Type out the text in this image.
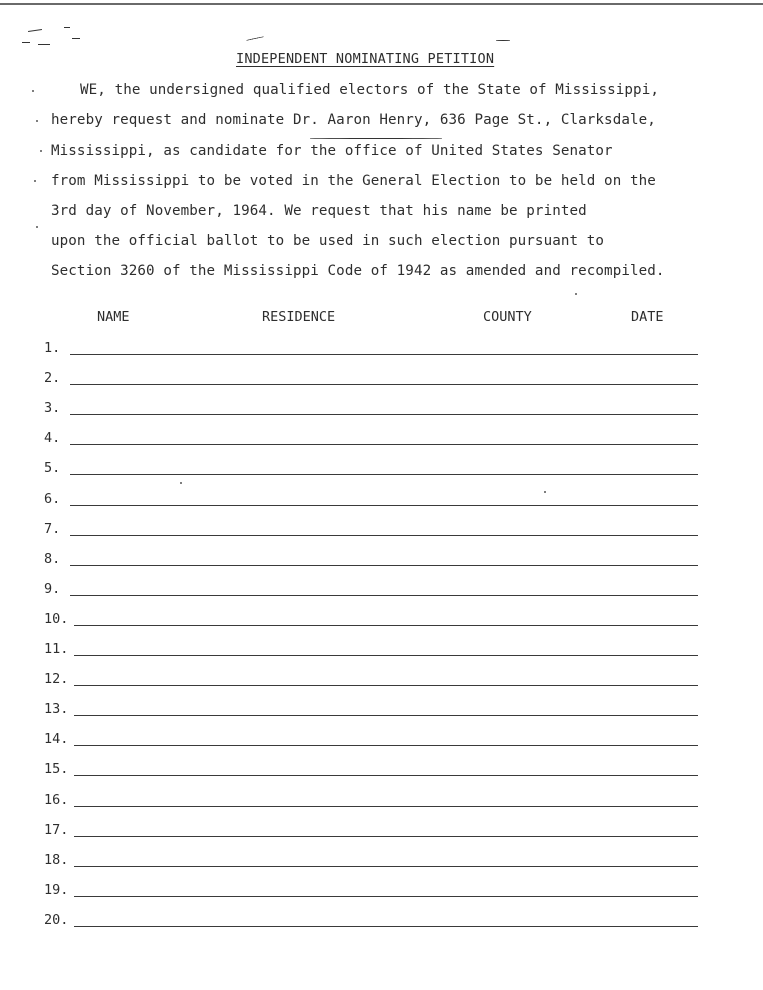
INDEPENDENT NOMINATING PETITION
WE, the undersigned qualified electors of the State of Mississippi,
hereby request and nominate Dr. Aaron Henry, 636 Page St., Clarksdale,
Mississippi, as candidate for the office of United States Senator
from Mississippi to be voted in the General Election to be held on the
3rd day of November, 1964. We request that his name be printed
upon the official ballot to be used in such election pursuant to
Section 3260 of the Mississippi Code of 1942 as amended and recompiled.
NAME	RESIDENCE	COUNTY	DATE
1.
2.
3.
4.
5.
6.
7.
8.
9.
10.
11.
12.
13.
14.
15.
16.
17.
18.
19.
20.
